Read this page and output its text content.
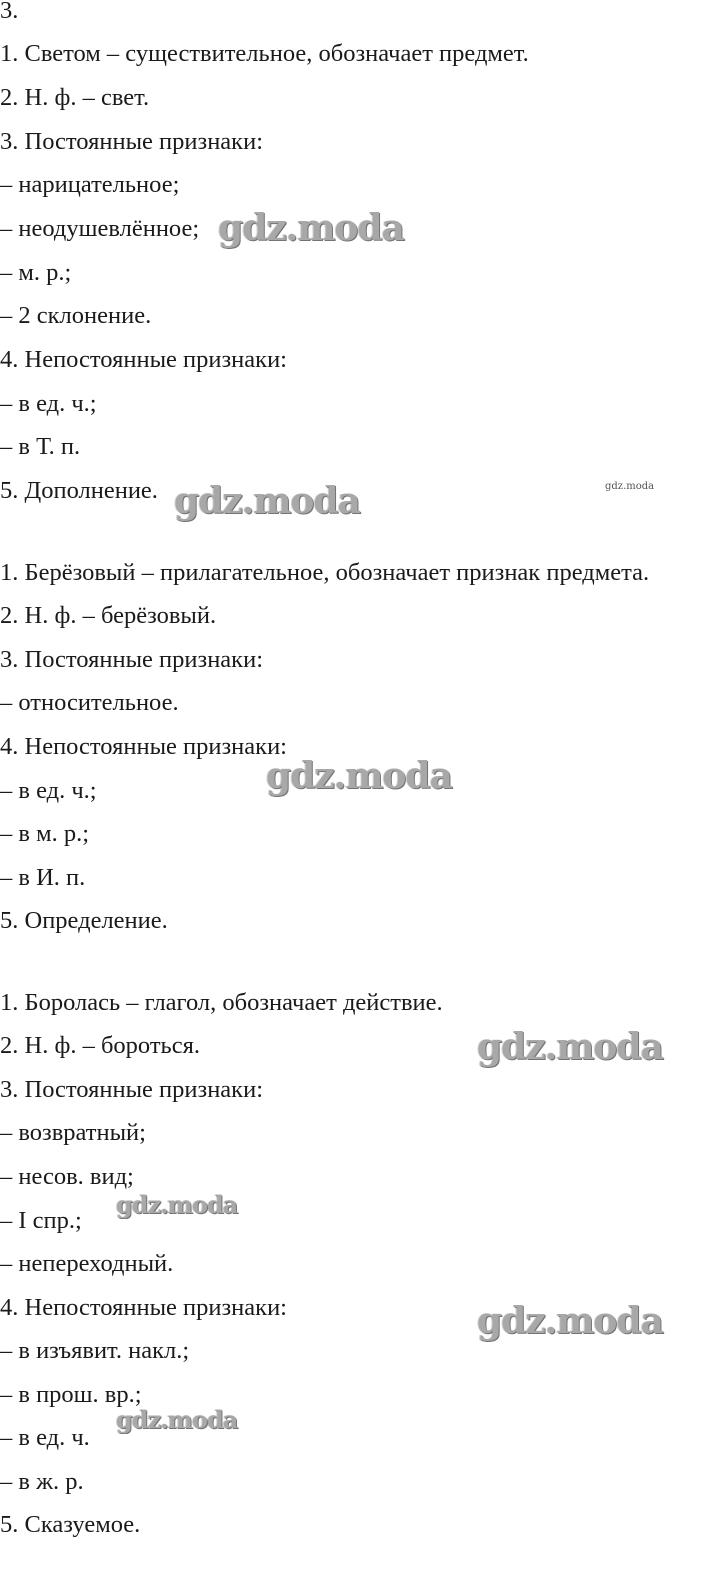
3.
1. Светом – существительное, обозначает предмет.
2. Н. ф. – свет.
3. Постоянные признаки:
– нарицательное;
– неодушевлённое;
– м. р.;
– 2 склонение.
4. Непостоянные признаки:
– в ед. ч.;
– в Т. п.
5. Дополнение.
1. Берёзовый – прилагательное, обозначает признак предмета.
2. Н. ф. – берёзовый.
3. Постоянные признаки:
– относительное.
4. Непостоянные признаки:
– в ед. ч.;
– в м. р.;
– в И. п.
5. Определение.
1. Боролась – глагол, обозначает действие.
2. Н. ф. – бороться.
3. Постоянные признаки:
– возвратный;
– несов. вид;
– I спр.;
– непереходный.
4. Непостоянные признаки:
– в изъявит. накл.;
– в прош. вр.;
– в ед. ч.
– в ж. р.
5. Сказуемое.
gdz.moda
gdz.moda	gdz.moda
gdz.moda
gdz.moda
gdz.moda
gdz.moda
gdz.moda
